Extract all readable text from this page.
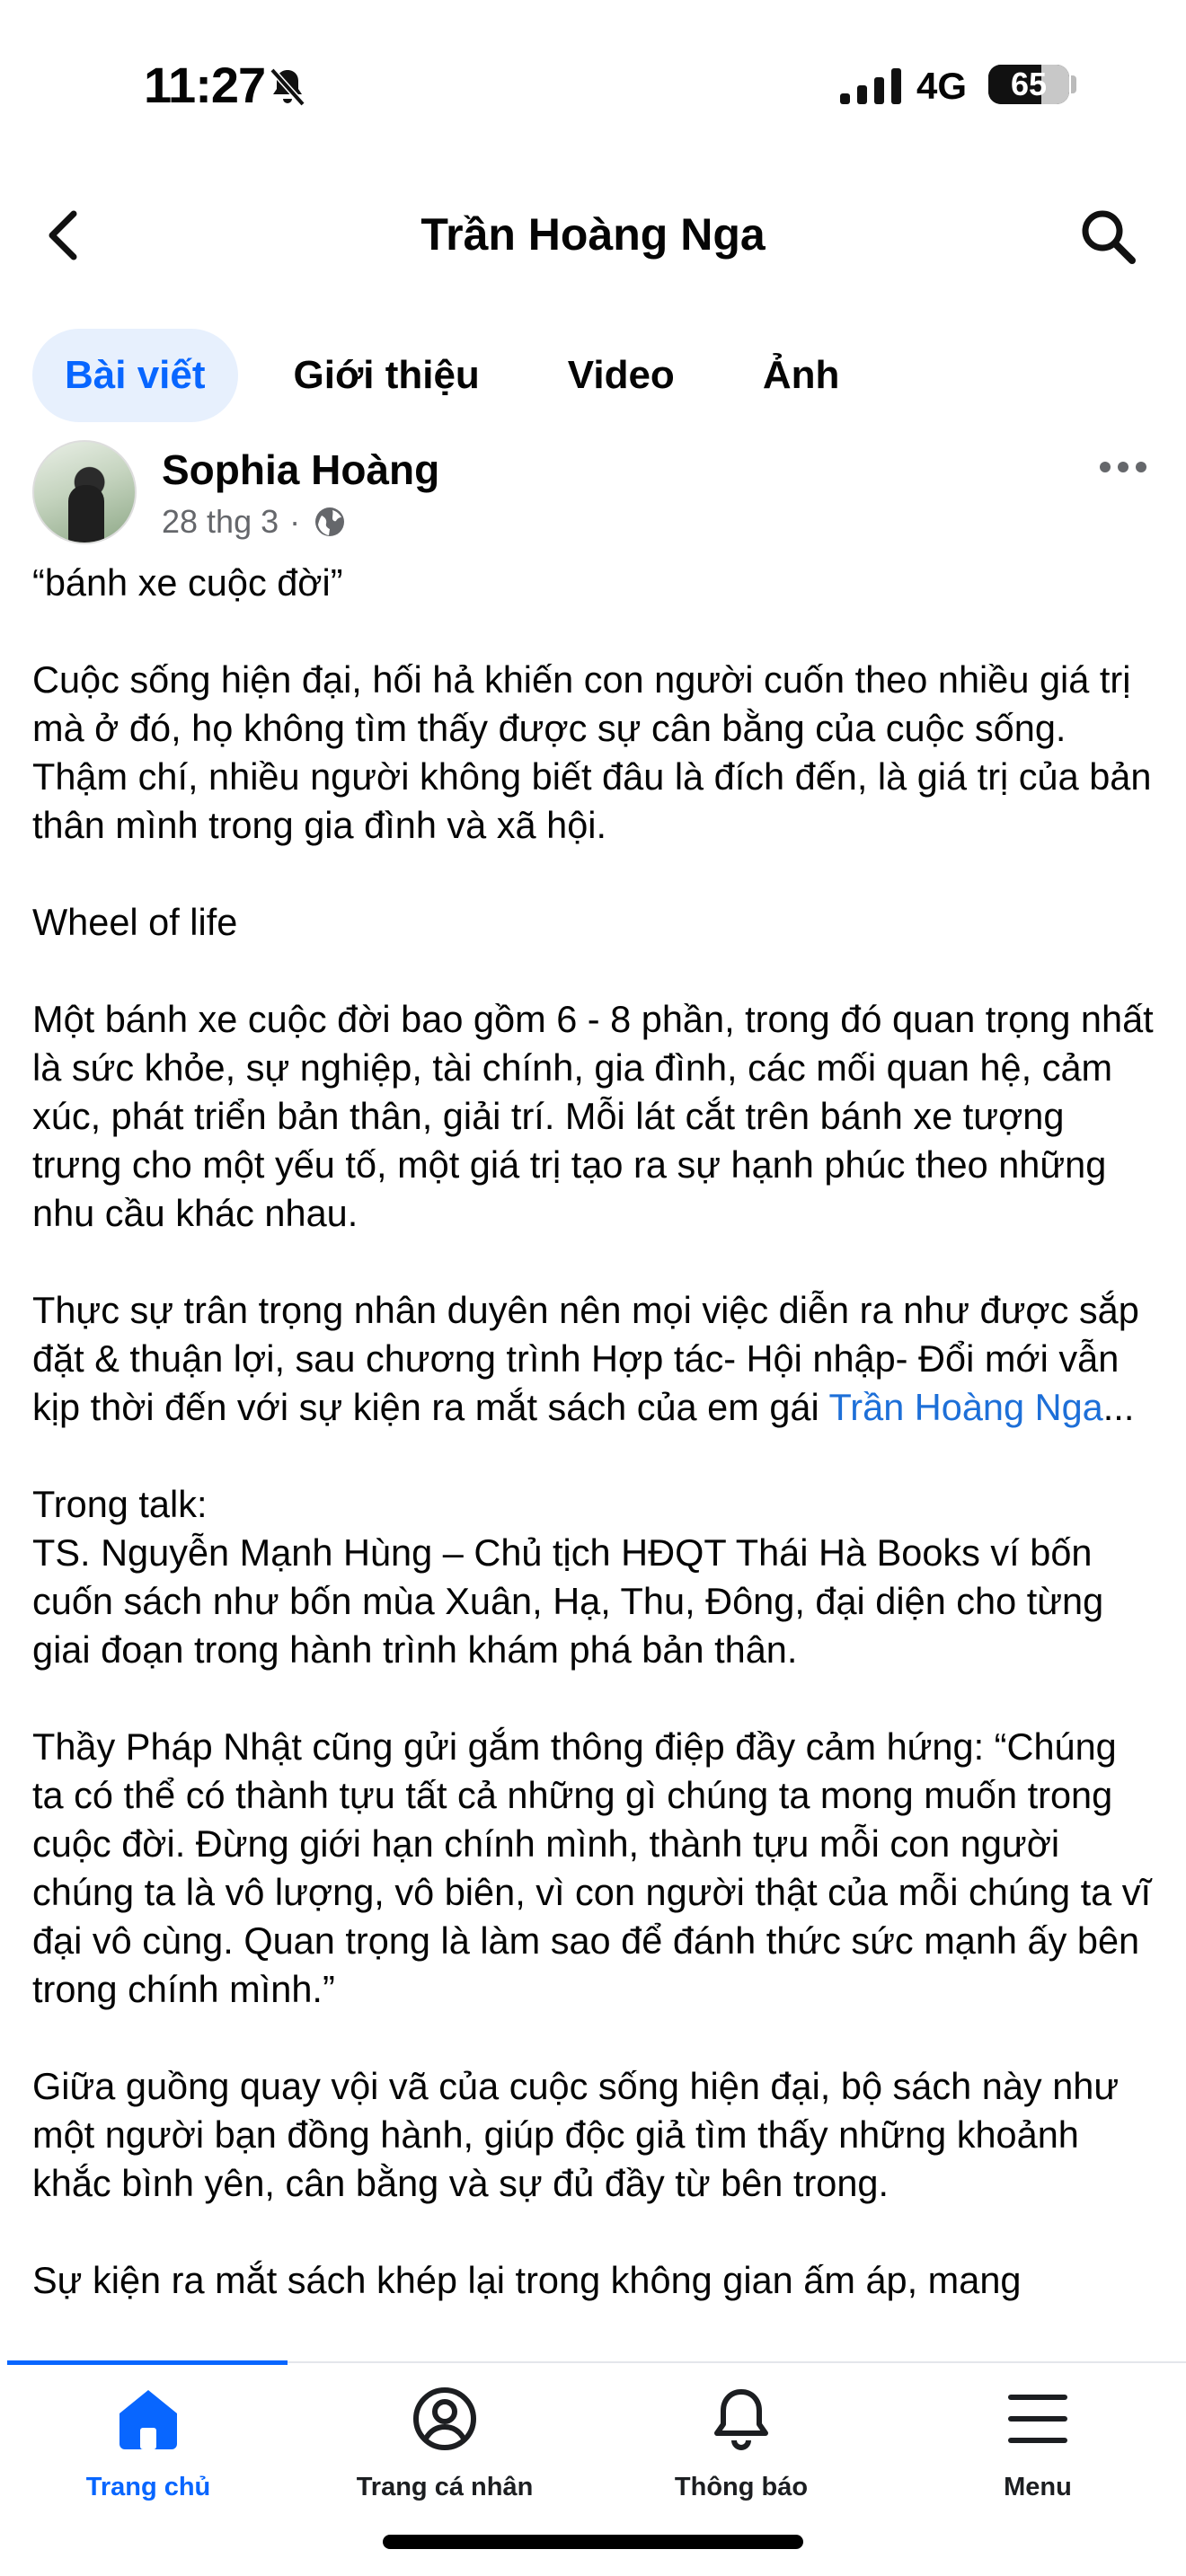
11:27	4G	65
Trần Hoàng Nga
Bài viết	Giới thiệu	Video	Ảnh
Sophia Hoàng
28 thg 3 ·

“bánh xe cuộc đời”

Cuộc sống hiện đại, hối hả khiến con người cuốn theo nhiều giá trị mà ở đó, họ không tìm thấy được sự cân bằng của cuộc sống. Thậm chí, nhiều người không biết đâu là đích đến, là giá trị của bản thân mình trong gia đình và xã hội.

Wheel of life

Một bánh xe cuộc đời bao gồm 6 - 8 phần, trong đó quan trọng nhất là sức khỏe, sự nghiệp, tài chính, gia đình, các mối quan hệ, cảm xúc, phát triển bản thân, giải trí. Mỗi lát cắt trên bánh xe tượng trưng cho một yếu tố, một giá trị tạo ra sự hạnh phúc theo những nhu cầu khác nhau.

Thực sự trân trọng nhân duyên nên mọi việc diễn ra như được sắp đặt & thuận lợi, sau chương trình Hợp tác- Hội nhập- Đổi mới vẫn kịp thời đến với sự kiện ra mắt sách của em gái Trần Hoàng Nga...

Trong talk:

TS. Nguyễn Mạnh Hùng – Chủ tịch HĐQT Thái Hà Books ví bốn cuốn sách như bốn mùa Xuân, Hạ, Thu, Đông, đại diện cho từng giai đoạn trong hành trình khám phá bản thân.

Thầy Pháp Nhật cũng gửi gắm thông điệp đầy cảm hứng: “Chúng ta có thể có thành tựu tất cả những gì chúng ta mong muốn trong cuộc đời. Đừng giới hạn chính mình, thành tựu mỗi con người chúng ta là vô lượng, vô biên, vì con người thật của mỗi chúng ta vĩ đại vô cùng. Quan trọng là làm sao để đánh thức sức mạnh ấy bên trong chính mình.”

Giữa guồng quay vội vã của cuộc sống hiện đại, bộ sách này như một người bạn đồng hành, giúp độc giả tìm thấy những khoảnh khắc bình yên, cân bằng và sự đủ đầy từ bên trong.

Sự kiện ra mắt sách khép lại trong không gian ấm áp, mang

Trang chủ	Trang cá nhân	Thông báo	Menu
